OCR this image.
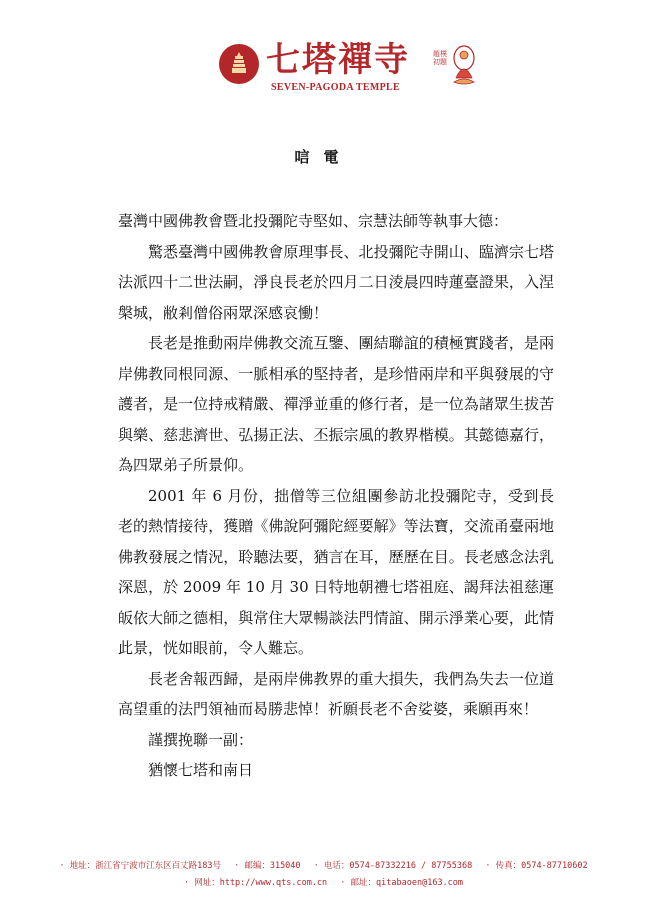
七塔禪寺
SEVEN-PAGODA TEMPLE
趙樸初題
唁電

臺灣中國佛教會暨北投彌陀寺堅如、宗慧法師等執事大德：

驚悉臺灣中國佛教會原理事長、北投彌陀寺開山、臨濟宗七塔法派四十二世法嗣，淨良長老於四月二日淩晨四時蓮臺證果，入涅槃城，敝剎僧俗兩眾深感哀慟！

長老是推動兩岸佛教交流互鑒、團結聯誼的積極實踐者，是兩岸佛教同根同源、一脈相承的堅持者，是珍惜兩岸和平與發展的守護者，是一位持戒精嚴、禪淨並重的修行者，是一位為諸眾生拔苦與樂、慈悲濟世、弘揚正法、丕振宗風的教界楷模。其懿德嘉行，為四眾弟子所景仰。

2001 年 6 月份，拙僧等三位組團參訪北投彌陀寺，受到長老的熱情接待，獲贈《佛說阿彌陀經要解》等法寶，交流甬臺兩地佛教發展之情況，聆聽法要，猶言在耳，歷歷在目。長老感念法乳深恩，於 2009 年 10 月 30 日特地朝禮七塔祖庭、謁拜法祖慈運皈依大師之德相，與常住大眾暢談法門情誼、開示淨業心要，此情此景，恍如眼前，令人難忘。

長老舍報西歸，是兩岸佛教界的重大損失，我們為失去一位道高望重的法門領袖而曷勝悲悼！祈願長老不舍娑婆，乘願再來！

謹撰挽聯一副：

猶懷七塔和南日

· 地址：浙江省宁波市江东区百丈路183号 · 邮编：315040 · 电话：0574-87332216 / 87755368 · 传真：0574-87710602
· 网址：http://www.qts.com.cn · 邮址：qitabaoen@163.com
